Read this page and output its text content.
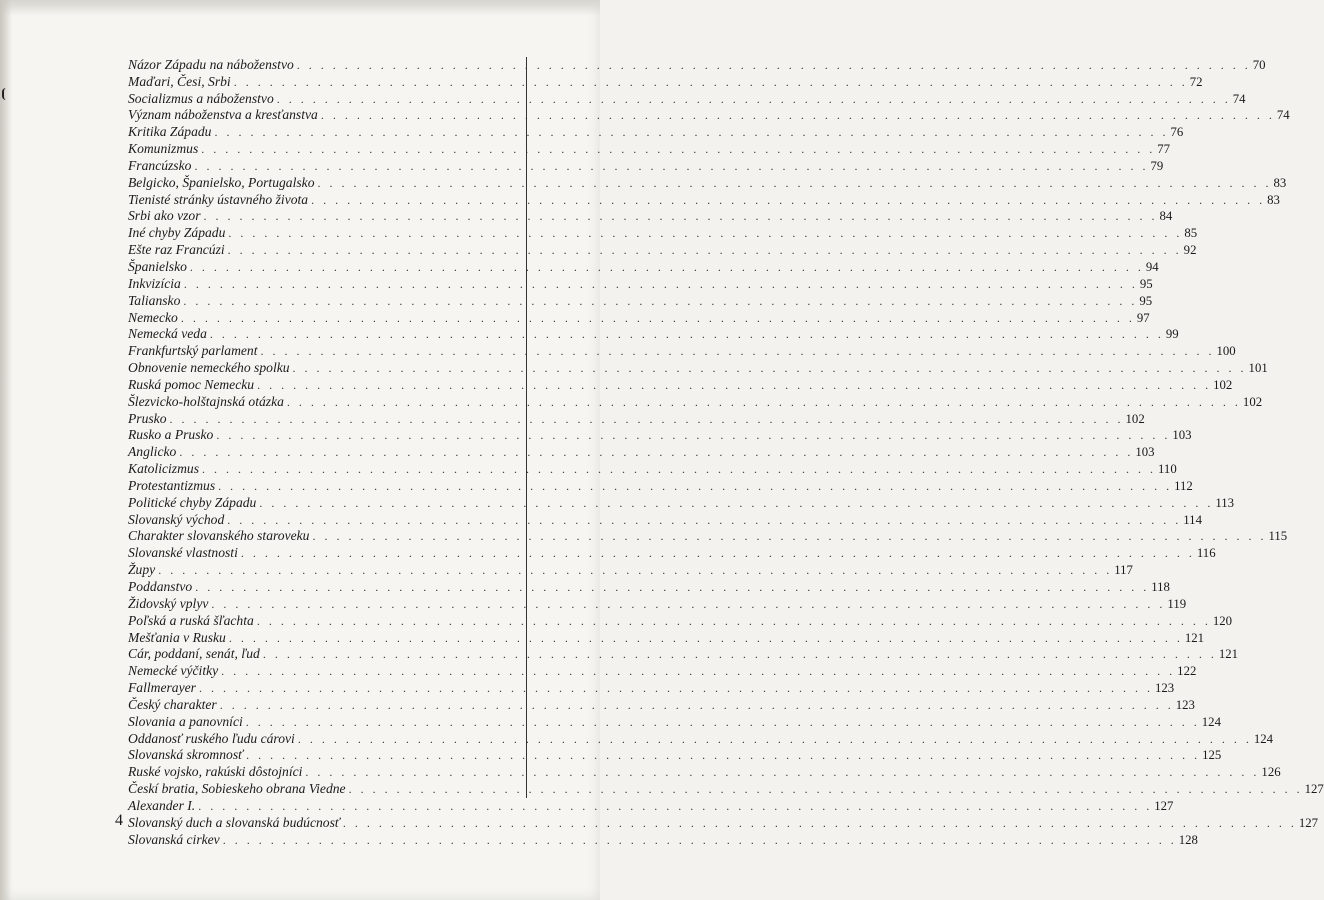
Názor Západu na náboženstvo . . . . . . . . . . . . . . . . . . . . . . . . . . . . . . . . . . . . . . . . . . . . . . . . . . . . . . . . . . . . . . . . . . . . . . . . . . . . . . . . 70
Maďari, Česi, Srbi . . . . . . . . . . . . . . . . . . . . . . . . . . . . . . . . . . . . . . . . . . . . . . . . . . . . . . . . . . . . . . . . . . . . . . . . . . . . . . . . 72
Socializmus a náboženstvo . . . . . . . . . . . . . . . . . . . . . . . . . . . . . . . . . . . . . . . . . . . . . . . . . . . . . . . . . . . . . . . . . . . . . . . . . . . . . . . . 74
Význam náboženstva a kresťanstva . . . . . . . . . . . . . . . . . . . . . . . . . . . . . . . . . . . . . . . . . . . . . . . . . . . . . . . . . . . . . . . . . . . . . . . . . . . . . . . . 74
Kritika Západu . . . . . . . . . . . . . . . . . . . . . . . . . . . . . . . . . . . . . . . . . . . . . . . . . . . . . . . . . . . . . . . . . . . . . . . . . . . . . . . . 76
Komunizmus . . . . . . . . . . . . . . . . . . . . . . . . . . . . . . . . . . . . . . . . . . . . . . . . . . . . . . . . . . . . . . . . . . . . . . . . . . . . . . . . 77
Francúzsko . . . . . . . . . . . . . . . . . . . . . . . . . . . . . . . . . . . . . . . . . . . . . . . . . . . . . . . . . . . . . . . . . . . . . . . . . . . . . . . . 79
Belgicko, Španielsko, Portugalsko . . . . . . . . . . . . . . . . . . . . . . . . . . . . . . . . . . . . . . . . . . . . . . . . . . . . . . . . . . . . . . . . . . . . . . . . . . . . . . . . 83
Tienisté stránky ústavného života . . . . . . . . . . . . . . . . . . . . . . . . . . . . . . . . . . . . . . . . . . . . . . . . . . . . . . . . . . . . . . . . . . . . . . . . . . . . . . . . 83
Srbi ako vzor . . . . . . . . . . . . . . . . . . . . . . . . . . . . . . . . . . . . . . . . . . . . . . . . . . . . . . . . . . . . . . . . . . . . . . . . . . . . . . . . 84
Iné chyby Západu . . . . . . . . . . . . . . . . . . . . . . . . . . . . . . . . . . . . . . . . . . . . . . . . . . . . . . . . . . . . . . . . . . . . . . . . . . . . . . . . 85
Ešte raz Francúzi . . . . . . . . . . . . . . . . . . . . . . . . . . . . . . . . . . . . . . . . . . . . . . . . . . . . . . . . . . . . . . . . . . . . . . . . . . . . . . . . 92
Španielsko . . . . . . . . . . . . . . . . . . . . . . . . . . . . . . . . . . . . . . . . . . . . . . . . . . . . . . . . . . . . . . . . . . . . . . . . . . . . . . . . 94
Inkvizícia . . . . . . . . . . . . . . . . . . . . . . . . . . . . . . . . . . . . . . . . . . . . . . . . . . . . . . . . . . . . . . . . . . . . . . . . . . . . . . . . 95
Taliansko . . . . . . . . . . . . . . . . . . . . . . . . . . . . . . . . . . . . . . . . . . . . . . . . . . . . . . . . . . . . . . . . . . . . . . . . . . . . . . . . 95
Nemecko . . . . . . . . . . . . . . . . . . . . . . . . . . . . . . . . . . . . . . . . . . . . . . . . . . . . . . . . . . . . . . . . . . . . . . . . . . . . . . . . 97
Nemecká veda . . . . . . . . . . . . . . . . . . . . . . . . . . . . . . . . . . . . . . . . . . . . . . . . . . . . . . . . . . . . . . . . . . . . . . . . . . . . . . . . 99
Frankfurtský parlament . . . . . . . . . . . . . . . . . . . . . . . . . . . . . . . . . . . . . . . . . . . . . . . . . . . . . . . . . . . . . . . . . . . . . . . . . . . . . . . . 100
Obnovenie nemeckého spolku . . . . . . . . . . . . . . . . . . . . . . . . . . . . . . . . . . . . . . . . . . . . . . . . . . . . . . . . . . . . . . . . . . . . . . . . . . . . . . . . 101
Ruská pomoc Nemecku . . . . . . . . . . . . . . . . . . . . . . . . . . . . . . . . . . . . . . . . . . . . . . . . . . . . . . . . . . . . . . . . . . . . . . . . . . . . . . . . 102
Šlezvicko-holštajnská otázka . . . . . . . . . . . . . . . . . . . . . . . . . . . . . . . . . . . . . . . . . . . . . . . . . . . . . . . . . . . . . . . . . . . . . . . . . . . . . . . . 102
Prusko . . . . . . . . . . . . . . . . . . . . . . . . . . . . . . . . . . . . . . . . . . . . . . . . . . . . . . . . . . . . . . . . . . . . . . . . . . . . . . . . 102
Rusko a Prusko . . . . . . . . . . . . . . . . . . . . . . . . . . . . . . . . . . . . . . . . . . . . . . . . . . . . . . . . . . . . . . . . . . . . . . . . . . . . . . . . 103
Anglicko . . . . . . . . . . . . . . . . . . . . . . . . . . . . . . . . . . . . . . . . . . . . . . . . . . . . . . . . . . . . . . . . . . . . . . . . . . . . . . . . 103
Katolicizmus . . . . . . . . . . . . . . . . . . . . . . . . . . . . . . . . . . . . . . . . . . . . . . . . . . . . . . . . . . . . . . . . . . . . . . . . . . . . . . . . 110
Protestantizmus . . . . . . . . . . . . . . . . . . . . . . . . . . . . . . . . . . . . . . . . . . . . . . . . . . . . . . . . . . . . . . . . . . . . . . . . . . . . . . . . 112
Politické chyby Západu . . . . . . . . . . . . . . . . . . . . . . . . . . . . . . . . . . . . . . . . . . . . . . . . . . . . . . . . . . . . . . . . . . . . . . . . . . . . . . . . 113
Slovanský východ . . . . . . . . . . . . . . . . . . . . . . . . . . . . . . . . . . . . . . . . . . . . . . . . . . . . . . . . . . . . . . . . . . . . . . . . . . . . . . . . 114
Charakter slovanského staroveku . . . . . . . . . . . . . . . . . . . . . . . . . . . . . . . . . . . . . . . . . . . . . . . . . . . . . . . . . . . . . . . . . . . . . . . . . . . . . . . . 115
Slovanské vlastnosti . . . . . . . . . . . . . . . . . . . . . . . . . . . . . . . . . . . . . . . . . . . . . . . . . . . . . . . . . . . . . . . . . . . . . . . . . . . . . . . . 116
Župy . . . . . . . . . . . . . . . . . . . . . . . . . . . . . . . . . . . . . . . . . . . . . . . . . . . . . . . . . . . . . . . . . . . . . . . . . . . . . . . . 117
Poddanstvo . . . . . . . . . . . . . . . . . . . . . . . . . . . . . . . . . . . . . . . . . . . . . . . . . . . . . . . . . . . . . . . . . . . . . . . . . . . . . . . . 118
Židovský vplyv . . . . . . . . . . . . . . . . . . . . . . . . . . . . . . . . . . . . . . . . . . . . . . . . . . . . . . . . . . . . . . . . . . . . . . . . . . . . . . . . 119
Poľská a ruská šľachta . . . . . . . . . . . . . . . . . . . . . . . . . . . . . . . . . . . . . . . . . . . . . . . . . . . . . . . . . . . . . . . . . . . . . . . . . . . . . . . . 120
Mešťania v Rusku . . . . . . . . . . . . . . . . . . . . . . . . . . . . . . . . . . . . . . . . . . . . . . . . . . . . . . . . . . . . . . . . . . . . . . . . . . . . . . . . 121
Cár, poddaní, senát, ľud . . . . . . . . . . . . . . . . . . . . . . . . . . . . . . . . . . . . . . . . . . . . . . . . . . . . . . . . . . . . . . . . . . . . . . . . . . . . . . . . 121
Nemecké výčitky . . . . . . . . . . . . . . . . . . . . . . . . . . . . . . . . . . . . . . . . . . . . . . . . . . . . . . . . . . . . . . . . . . . . . . . . . . . . . . . . 122
Fallmerayer . . . . . . . . . . . . . . . . . . . . . . . . . . . . . . . . . . . . . . . . . . . . . . . . . . . . . . . . . . . . . . . . . . . . . . . . . . . . . . . . 123
Český charakter . . . . . . . . . . . . . . . . . . . . . . . . . . . . . . . . . . . . . . . . . . . . . . . . . . . . . . . . . . . . . . . . . . . . . . . . . . . . . . . . 123
Slovania a panovníci . . . . . . . . . . . . . . . . . . . . . . . . . . . . . . . . . . . . . . . . . . . . . . . . . . . . . . . . . . . . . . . . . . . . . . . . . . . . . . . . 124
Oddanosť ruského ľudu cárovi . . . . . . . . . . . . . . . . . . . . . . . . . . . . . . . . . . . . . . . . . . . . . . . . . . . . . . . . . . . . . . . . . . . . . . . . . . . . . . . . 124
Slovanská skromnosť . . . . . . . . . . . . . . . . . . . . . . . . . . . . . . . . . . . . . . . . . . . . . . . . . . . . . . . . . . . . . . . . . . . . . . . . . . . . . . . . 125
Ruské vojsko, rakúski dôstojníci . . . . . . . . . . . . . . . . . . . . . . . . . . . . . . . . . . . . . . . . . . . . . . . . . . . . . . . . . . . . . . . . . . . . . . . . . . . . . . . . 126
Českí bratia, Sobieskeho obrana Viedne . . . . . . . . . . . . . . . . . . . . . . . . . . . . . . . . . . . . . . . . . . . . . . . . . . . . . . . . . . . . . . . . . . . . . . . . . . . . . . . . 127
Alexander I. . . . . . . . . . . . . . . . . . . . . . . . . . . . . . . . . . . . . . . . . . . . . . . . . . . . . . . . . . . . . . . . . . . . . . . . . . . . . . . . . 127
Slovanský duch a slovanská budúcnosť . . . . . . . . . . . . . . . . . . . . . . . . . . . . . . . . . . . . . . . . . . . . . . . . . . . . . . . . . . . . . . . . . . . . . . . . . . . . . . . . 127
Slovanská cirkev . . . . . . . . . . . . . . . . . . . . . . . . . . . . . . . . . . . . . . . . . . . . . . . . . . . . . . . . . . . . . . . . . . . . . . . . . . . . . . . . 128
4
